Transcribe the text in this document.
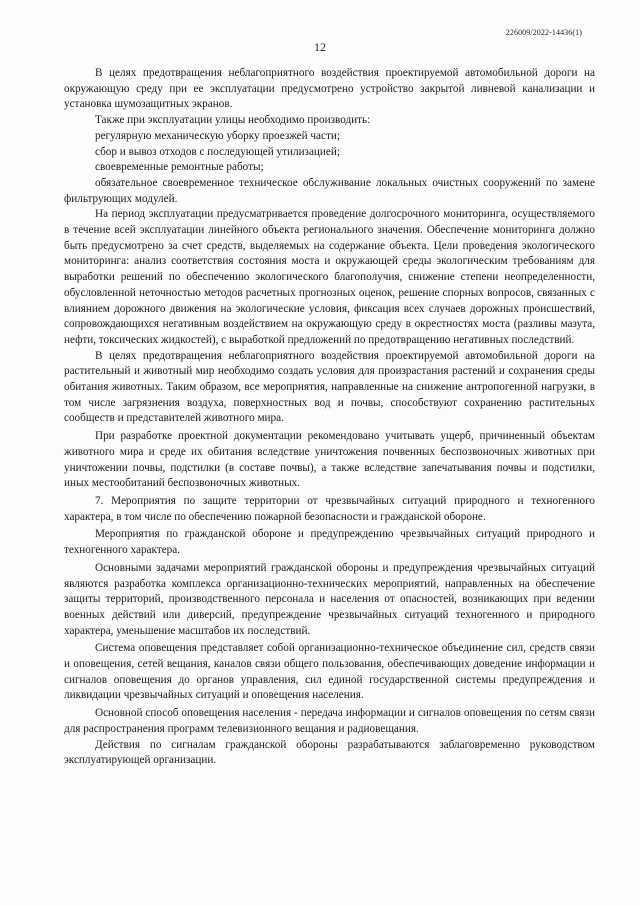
226009/2022-14436(1)
12

В целях предотвращения неблагоприятного воздействия проектируемой автомобильной дороги на окружающую среду при ее эксплуатации предусмотрено устройство закрытой ливневой канализации и установка шумозащитных экранов.

Также при эксплуатации улицы необходимо производить:

регулярную механическую уборку проезжей части;

сбор и вывоз отходов с последующей утилизацией;

своевременные ремонтные работы;

обязательное своевременное техническое обслуживание локальных очистных сооружений по замене фильтрующих модулей.

На период эксплуатации предусматривается проведение долгосрочного мониторинга, осуществляемого в течение всей эксплуатации линейного объекта регионального значения. Обеспечение мониторинга должно быть предусмотрено за счет средств, выделяемых на содержание объекта. Цели проведения экологического мониторинга: анализ соответствия состояния моста и окружающей среды экологическим требованиям для выработки решений по обеспечению экологического благополучия, снижение степени неопределенности, обусловленной неточностью методов расчетных прогнозных оценок, решение спорных вопросов, связанных с влиянием дорожного движения на экологические условия, фиксация всех случаев дорожных происшествий, сопровождающихся негативным воздействием на окружающую среду в окрестностях моста (разливы мазута, нефти, токсических жидкостей), с выработкой предложений по предотвращению негативных последствий.

В целях предотвращения неблагоприятного воздействия проектируемой автомобильной дороги на растительный и животный мир необходимо создать условия для произрастания растений и сохранения среды обитания животных. Таким образом, все мероприятия, направленные на снижение антропогенной нагрузки, в том числе загрязнения воздуха, поверхностных вод и почвы, способствуют сохранению растительных сообществ и представителей животного мира.

При разработке проектной документации рекомендовано учитывать ущерб, причиненный объектам животного мира и среде их обитания вследствие уничтожения почвенных беспозвоночных животных при уничтожении почвы, подстилки (в составе почвы), а также вследствие запечатывания почвы и подстилки, иных местообитаний беспозвоночных животных.

7. Мероприятия по защите территории от чрезвычайных ситуаций природного и техногенного характера, в том числе по обеспечению пожарной безопасности и гражданской обороне.

Мероприятия по гражданской обороне и предупреждению чрезвычайных ситуаций природного и техногенного характера.

Основными задачами мероприятий гражданской обороны и предупреждения чрезвычайных ситуаций являются разработка комплекса организационно-технических мероприятий, направленных на обеспечение защиты территорий, производственного персонала и населения от опасностей, возникающих при ведении военных действий или диверсий, предупреждение чрезвычайных ситуаций техногенного и природного характера, уменьшение масштабов их последствий.

Система оповещения представляет собой организационно-техническое объединение сил, средств связи и оповещения, сетей вещания, каналов связи общего пользования, обеспечивающих доведение информации и сигналов оповещения до органов управления, сил единой государственной системы предупреждения и ликвидации чрезвычайных ситуаций и оповещения населения.

Основной способ оповещения населения - передача информации и сигналов оповещения по сетям связи для распространения программ телевизионного вещания и радиовещания.

Действия по сигналам гражданской обороны разрабатываются заблаговременно руководством эксплуатирующей организации.
